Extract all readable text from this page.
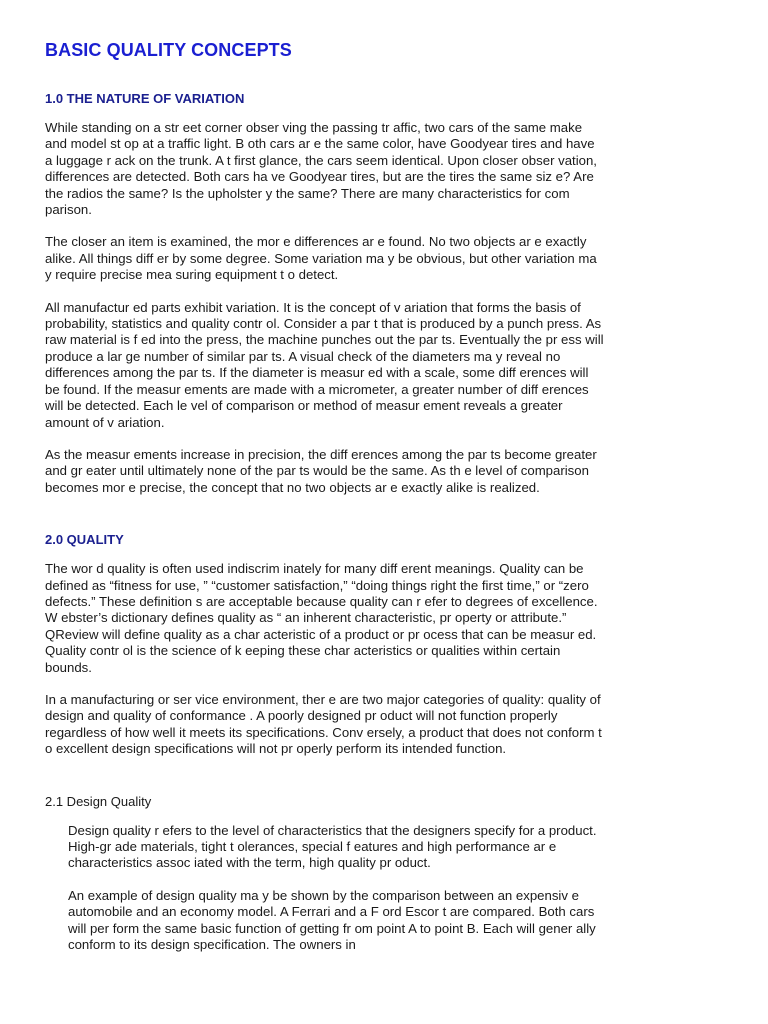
BASIC QUALITY CONCEPTS
1.0 THE NATURE OF VARIATION

While standing on a str eet corner obser ving the passing tr affic, two cars of the same make and model st op at a traffic light. B oth cars ar e the same color, have Goodyear tires and have a luggage r ack on the trunk. A t first glance, the cars seem identical. Upon closer obser vation, differences are detected. Both cars ha ve Goodyear tires, but are the tires the same siz e? Are the radios the same? Is the upholster y the same? There are many characteristics for com parison.

The closer an item is examined, the mor e differences ar e found. No two objects ar e exactly alike. All things diff er by some degree. Some variation ma y be obvious, but other variation ma y require precise mea suring equipment t o detect.

All manufactur ed parts exhibit variation. It is the concept of v ariation that forms the basis of probability, statistics and quality contr ol. Consider a par t that is produced by a punch press. As raw material is f ed into the press, the machine punches out the par ts. Eventually the pr ess will produce a lar ge number of similar par ts. A visual check of the diameters ma y reveal no differences among the par ts. If the diameter is measur ed with a scale, some diff erences will be found. If the measur ements are made with a micrometer, a greater number of diff erences will be detected. Each le vel of comparison or method of measur ement reveals a greater amount of v ariation.

As the measur ements increase in precision, the diff erences among the par ts become greater and gr eater until ultimately none of the par ts would be the same. As th e level of comparison becomes mor e precise, the concept that no two objects ar e exactly alike is realized.

2.0 QUALITY

The wor d quality is often used indiscrim inately for many diff erent meanings. Quality can be defined as “fitness for use, ” “customer satisfaction,” “doing things right the first time,” or “zero defects.” These definition s are acceptable because quality can r efer to degrees of excellence. W ebster’s dictionary defines quality as “ an inherent characteristic, pr operty or attribute.” QReview will define quality as a char acteristic of a product or pr ocess that can be measur ed. Quality contr ol is the science of k eeping these char acteristics or qualities within certain bounds.

In a manufacturing or ser vice environment, ther e are two major categories of quality: quality of design and quality of conformance . A poorly designed pr oduct will not function properly regardless of how well it meets its specifications. Conv ersely, a product that does not conform t o excellent design specifications will not pr operly perform its intended function.

2.1 Design Quality

Design quality r efers to the level of characteristics that the designers specify for a product. High-gr ade materials, tight t olerances, special f eatures and high performance ar e characteristics assoc iated with the term, high quality pr oduct.

An example of design quality ma y be shown by the comparison between an expensiv e automobile and an economy model. A Ferrari and a F ord Escor t are compared. Both cars will per form the same basic function of getting fr om point A to point B. Each will gener ally conform to its design specification. The owners in
